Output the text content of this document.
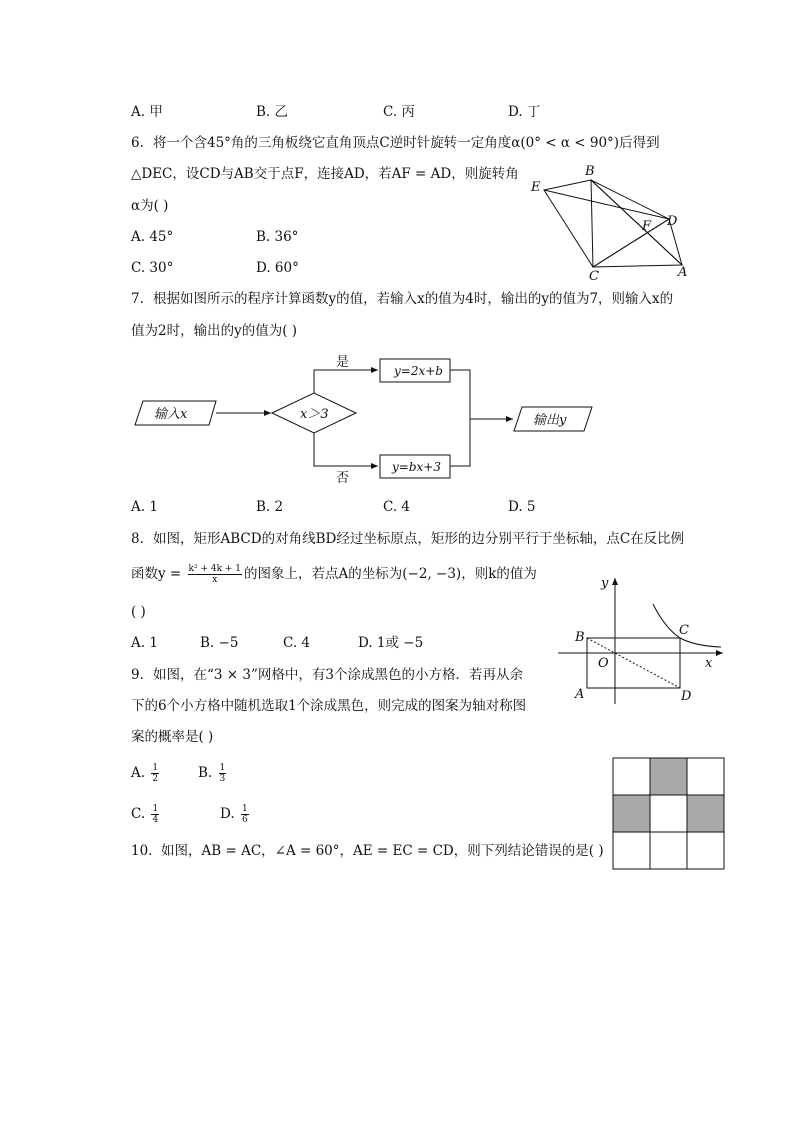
A. 甲	B. 乙	C. 丙	D. 丁
6. 将一个含45°角的三角板绕它直角顶点C逆时针旋转一定角度α(0° < α < 90°)后得到
△DEC，设CD与AB交于点F，连接AD，若AF = AD，则旋转角
α为( )
A. 45°	B. 36°
C. 30°	D. 60°
B
E
F D
C	A
7. 根据如图所示的程序计算函数y的值，若输入x的值为4时，输出的y的值为7，则输入x的
值为2时，输出的y的值为( )
输入x	x＞3
是
否
y=2x+b
y=bx+3
输出y
A. 1	B. 2	C. 4	D. 5
8. 如图，矩形ABCD的对角线BD经过坐标原点，矩形的边分别平行于坐标轴，点C在反比例
函数$y = \frac{\text{k² + 4k + 1}}{x}$ 的图象上，若点A的坐标为(−2, −3)，则k的值为
( )
A. 1	B. −5	C. 4	D. 1或 −5
y
x
O
B	C
A	D
9. 如图，在“3 × 3”网格中，有3个涂成黑色的小方格．若再从余
下的6个小方格中随机选取1个涂成黑色，则完成的图案为轴对称图
案的概率是( )
A. $\frac{1}{2}$	B. $\frac{1}{3}$
C. $\frac{1}{4}$	D. $\frac{1}{6}$
10. 如图，AB = AC，∠A = 60°，AE = EC = CD，则下列结论错误的是( )
